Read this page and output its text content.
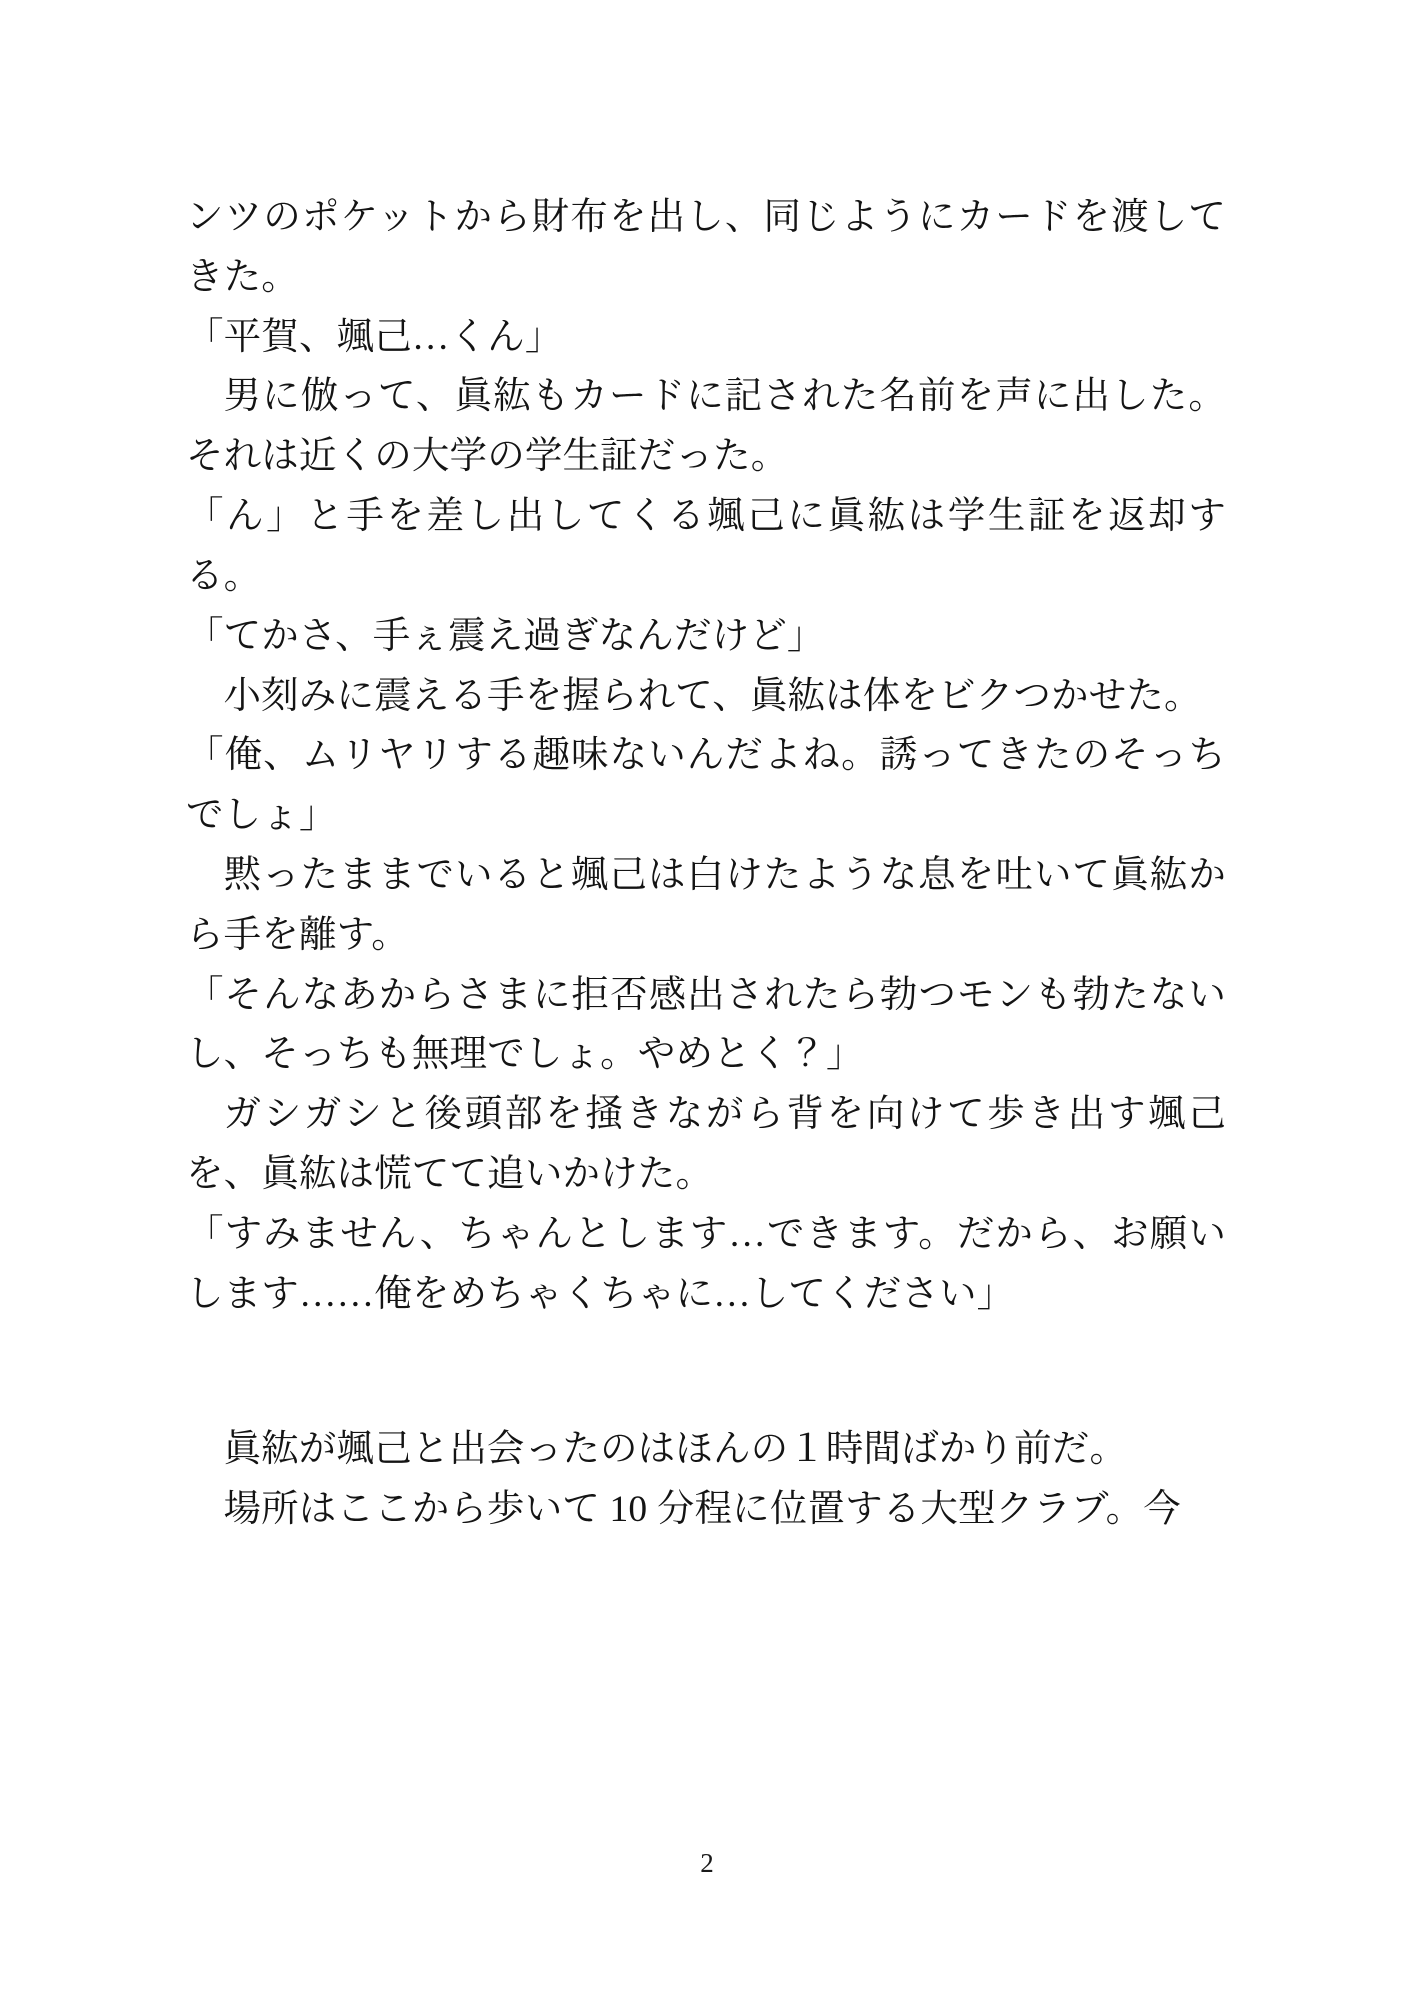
ンツのポケットから財布を出し、同じようにカードを渡してきた。

「平賀、颯己…くん」

男に倣って、眞紘もカードに記された名前を声に出した。それは近くの大学の学生証だった。

「ん」と手を差し出してくる颯己に眞紘は学生証を返却する。

「てかさ、手ぇ震え過ぎなんだけど」

小刻みに震える手を握られて、眞紘は体をビクつかせた。

「俺、ムリヤリする趣味ないんだよね。誘ってきたのそっちでしょ」

黙ったままでいると颯己は白けたような息を吐いて眞紘から手を離す。

「そんなあからさまに拒否感出されたら勃つモンも勃たないし、そっちも無理でしょ。やめとく？」

ガシガシと後頭部を掻きながら背を向けて歩き出す颯己を、眞紘は慌てて追いかけた。

「すみません、ちゃんとします…できます。だから、お願いします……俺をめちゃくちゃに…してください」

眞紘が颯己と出会ったのはほんの１時間ばかり前だ。

場所はここから歩いて 10 分程に位置する大型クラブ。今

2
